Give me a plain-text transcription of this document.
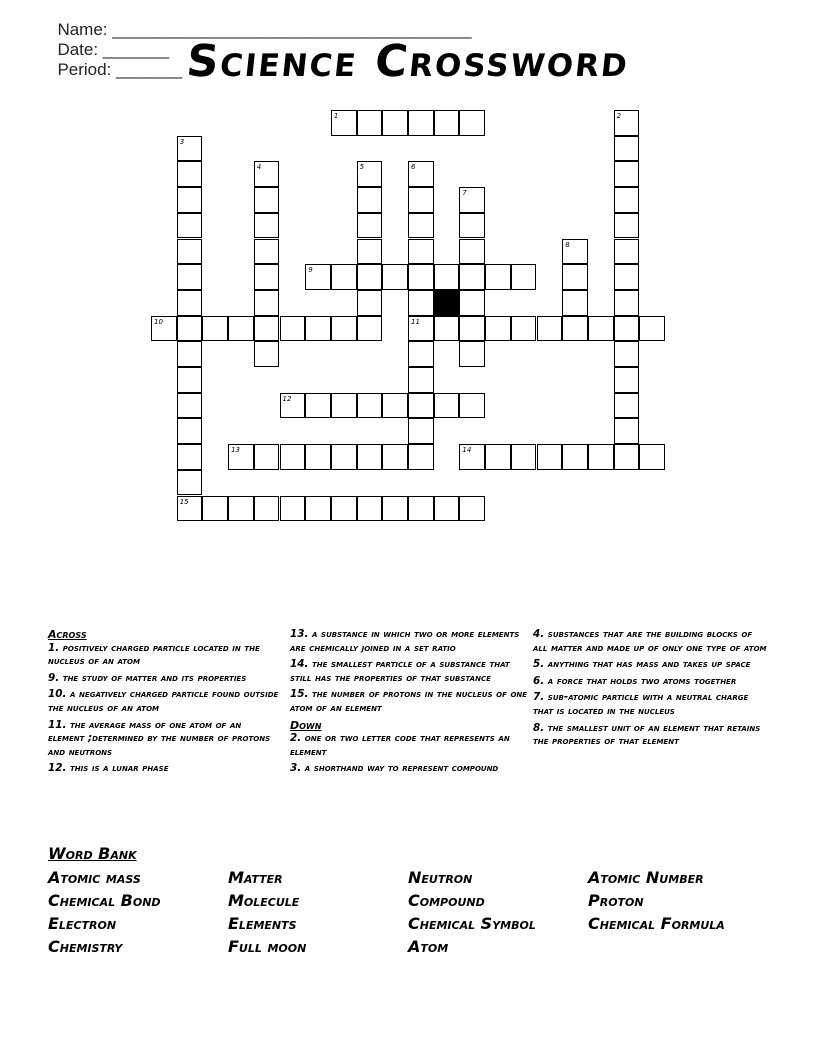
Name: ______________________________________
Date: _______
Period: _______ Science Crossword
1
9
10	11
12
13	14
15
2
3
4	5	6
7
8
Across
1. positively charged particle located in the nucleus of an atom
9. the study of matter and its properties
10. a negatively charged particle found outside the nucleus of an atom
11. the average mass of one atom of an element ;determined by the number of protons and neutrons
12. this is a lunar phase
13. a substance in which two or more elements are chemically joined in a set ratio
14. the smallest particle of a substance that still has the properties of that substance
15. the number of protons in the nucleus of one atom of an element
Down
2. one or two letter code that represents an element
3. a shorthand way to represent compound
4. substances that are the building blocks of all matter and made up of only one type of atom
5. anything that has mass and takes up space
6. a force that holds two atoms together
7. sub-atomic particle with a neutral charge that is located in the nucleus
8. the smallest unit of an element that retains the properties of that element
Word Bank
Atomic mass	Matter	Neutron	Atomic Number
Chemical Bond	Molecule	Compound	Proton
Electron	Elements	Chemical Symbol	Chemical Formula
Chemistry	Full moon	Atom
